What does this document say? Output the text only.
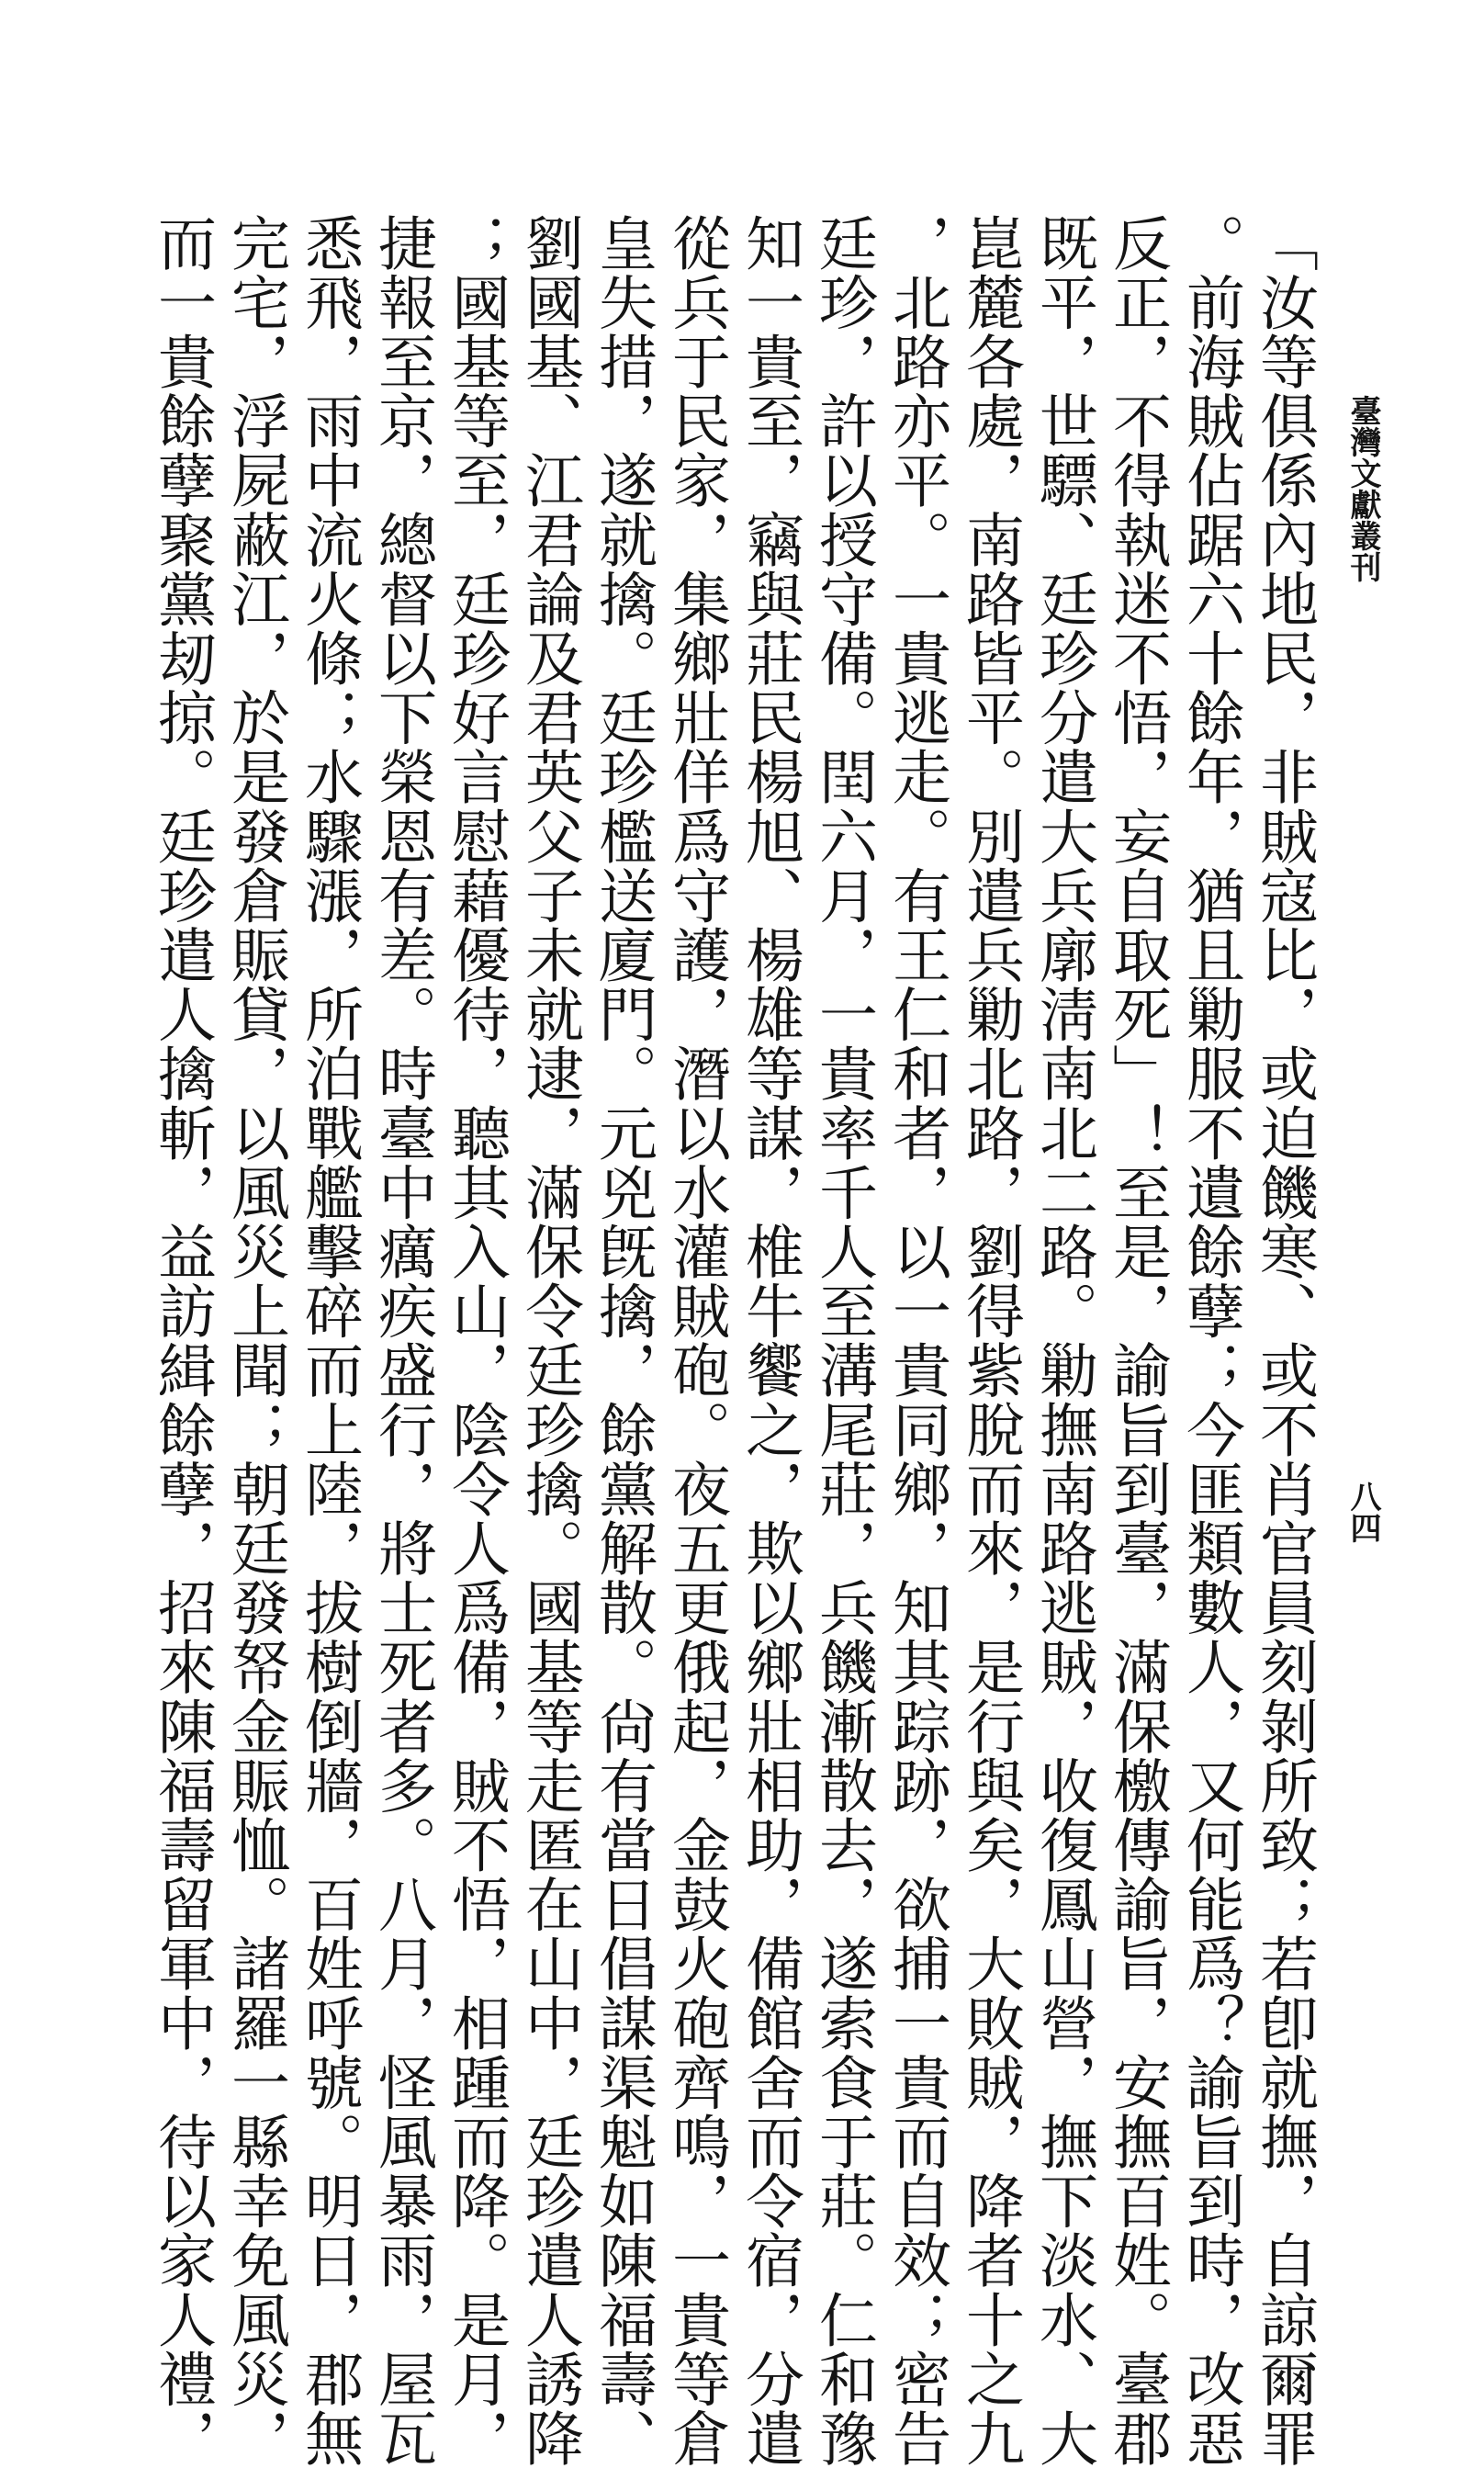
臺灣文獻叢刊
八四
「汝等俱係內地民，非賊寇比，或迫饑寒、或不肖官員刻剝所致；若卽就撫，自諒爾罪
。前海賊佔踞六十餘年，猶且勦服不遺餘孽；今匪類數人，又何能爲？諭旨到時，改惡
反正，不得執迷不悟，妄自取死」！至是，諭旨到臺，滿保檄傳諭旨，安撫百姓。臺郡
既平，世驃、廷珍分遣大兵廓淸南北二路。勦撫南路逃賊，收復鳳山營，撫下淡水、大
崑麓各處，南路皆平。別遣兵勦北路，劉得紫脫而來，是行與矣，大敗賊，降者十之九
，北路亦平。一貴逃走。有王仁和者，以一貴同鄉，知其踪跡，欲捕一貴而自效；密告
廷珍，許以授守備。閏六月，一貴率千人至溝尾莊，兵饑漸散去，遂索食于莊。仁和豫
知一貴至，竊與莊民楊旭、楊雄等謀，椎牛饗之，欺以鄉壯相助，備館舍而令宿，分遣
從兵于民家，集鄉壯佯爲守護，潛以水灌賊砲。夜五更俄起，金鼓火砲齊鳴，一貴等倉
皇失措，遂就擒。廷珍檻送廈門。元兇旣擒，餘黨解散。尙有當日倡謀渠魁如陳福壽、
劉國基、江君論及君英父子未就逮，滿保令廷珍擒。國基等走匿在山中，廷珍遣人誘降
；國基等至，廷珍好言慰藉優待，聽其入山，陰令人爲備，賊不悟，相踵而降。是月，
捷報至京，總督以下榮恩有差。時臺中癘疾盛行，將士死者多。八月，怪風暴雨，屋瓦
悉飛，雨中流火條；水驟漲，所泊戰艦擊碎而上陸，拔樹倒牆，百姓呼號。明日，郡無
完宅，浮屍蔽江，於是發倉賑貸，以風災上聞；朝廷發帑金賑恤。諸羅一縣幸免風災，
而一貴餘孽聚黨刼掠。廷珍遣人擒斬，益訪緝餘孽，招來陳福壽留軍中，待以家人禮，
